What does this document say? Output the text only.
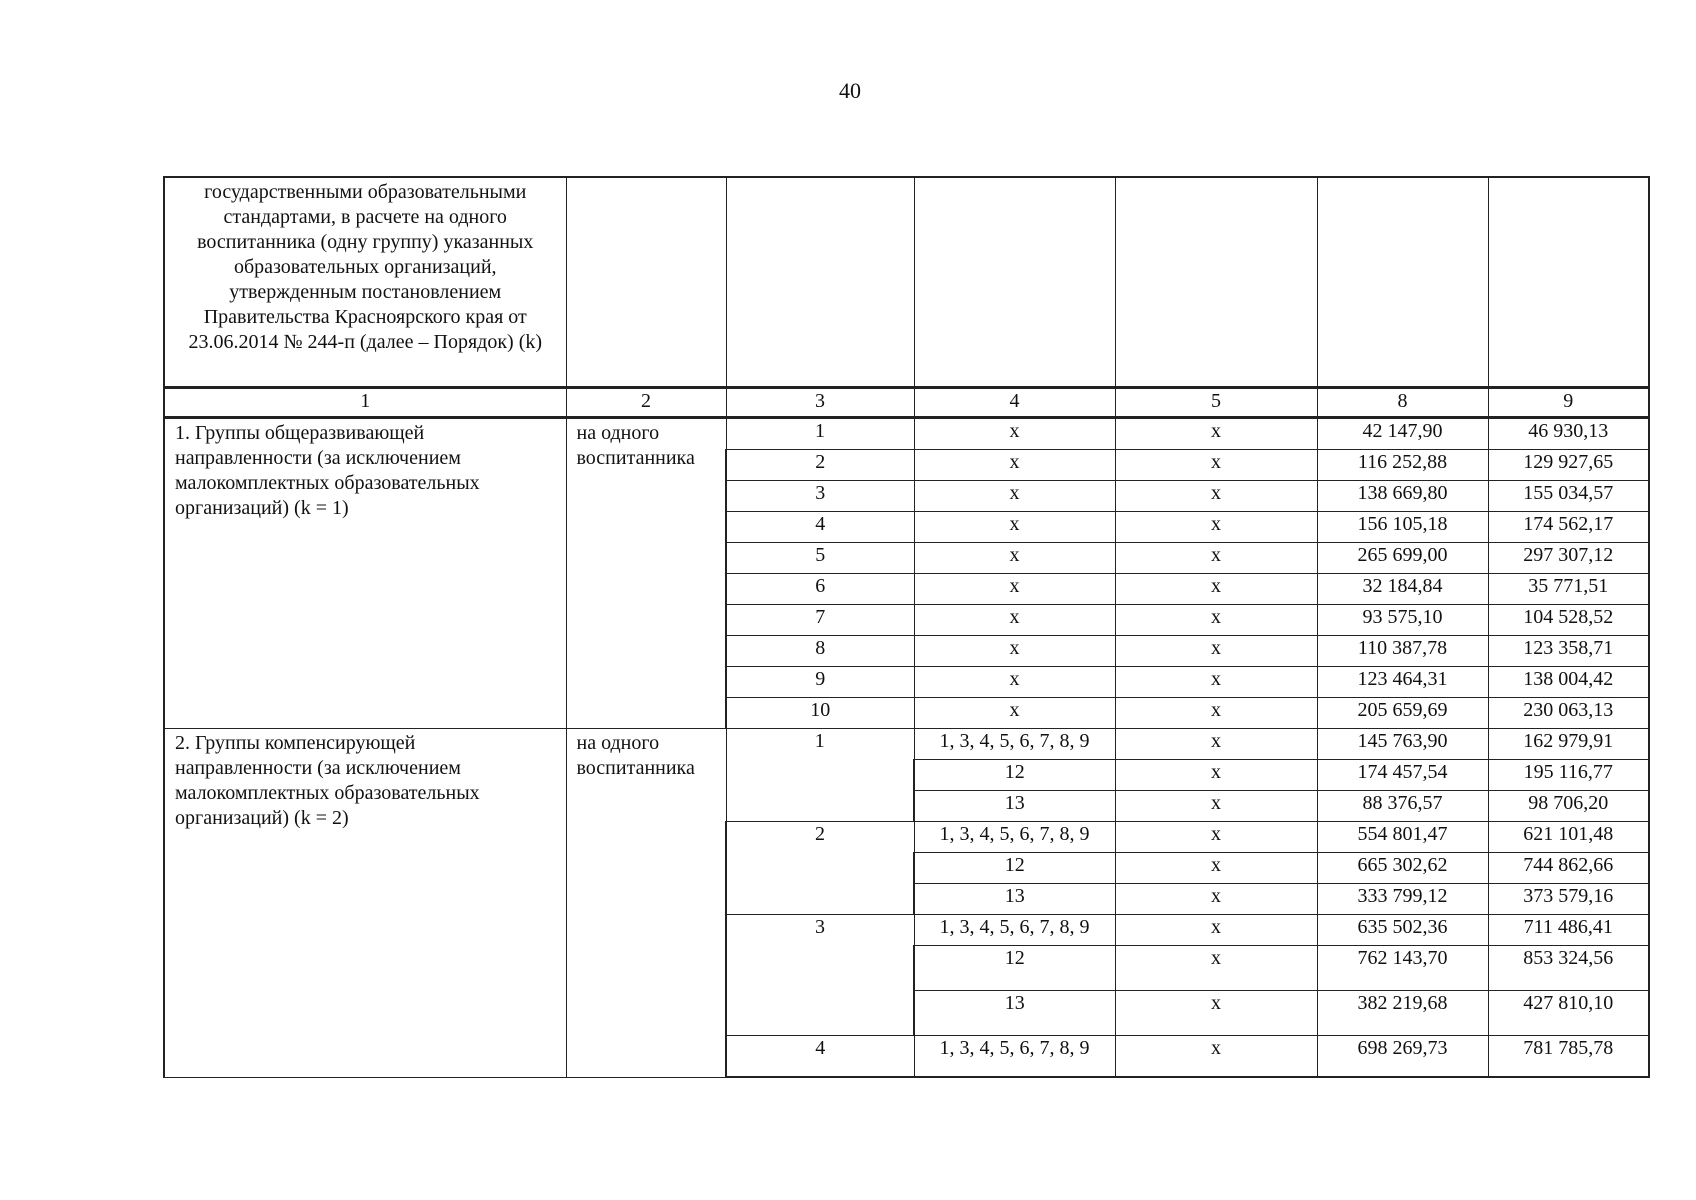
40
государственными образовательными стандартами, в расчете на одного воспитанника (одну группу) указанных образовательных организаций, утвержденным постановлением Правительства Красноярского края от 23.06.2014 № 244-п (далее – Порядок) (k)						
1	2	3	4	5	8	9
1. Группы общеразвивающей направленности (за исключением малокомплектных образовательных организаций) (k = 1)	на одного воспитанника	1	х	х	42 147,90	46 930,13
		2	х	х	116 252,88	129 927,65
		3	х	х	138 669,80	155 034,57
		4	х	х	156 105,18	174 562,17
		5	х	х	265 699,00	297 307,12
		6	х	х	32 184,84	35 771,51
		7	х	х	93 575,10	104 528,52
		8	х	х	110 387,78	123 358,71
		9	х	х	123 464,31	138 004,42
		10	х	х	205 659,69	230 063,13
2. Группы компенсирующей направленности (за исключением малокомплектных образовательных организаций) (k = 2)	на одного воспитанника	1	1, 3, 4, 5, 6, 7, 8, 9	х	145 763,90	162 979,91
			12	х	174 457,54	195 116,77
			13	х	88 376,57	98 706,20
		2	1, 3, 4, 5, 6, 7, 8, 9	х	554 801,47	621 101,48
			12	х	665 302,62	744 862,66
			13	х	333 799,12	373 579,16
		3	1, 3, 4, 5, 6, 7, 8, 9	х	635 502,36	711 486,41
			12	х	762 143,70	853 324,56
			13	х	382 219,68	427 810,10
		4	1, 3, 4, 5, 6, 7, 8, 9	х	698 269,73	781 785,78
